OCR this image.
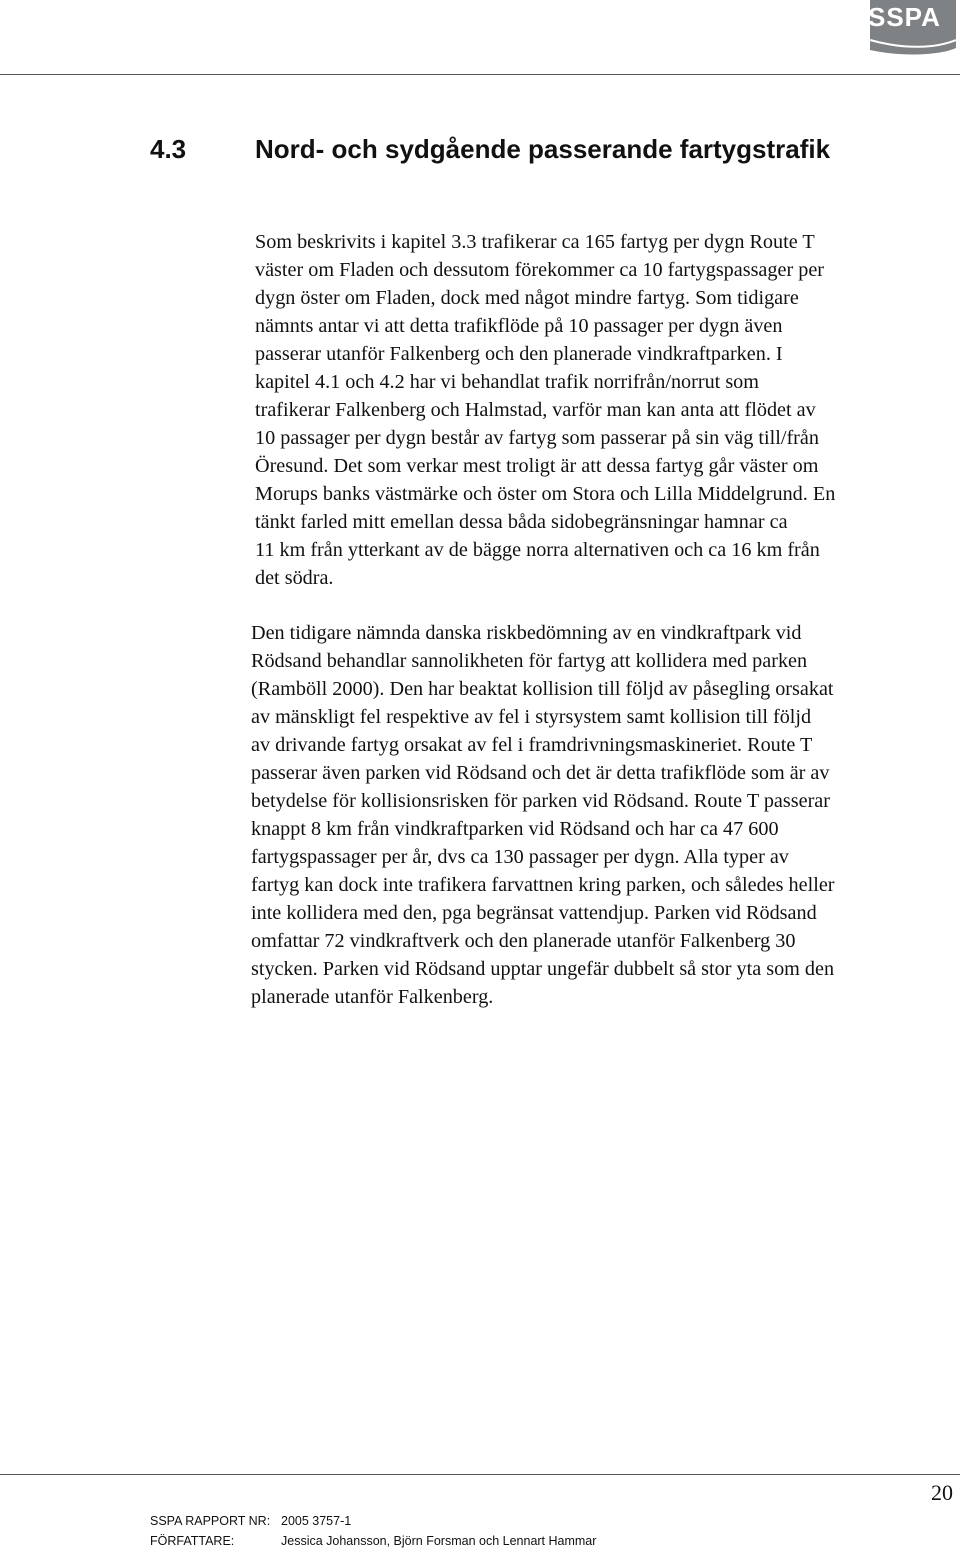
SSPA
4.3	Nord- och sydgående passerande fartygstrafik

Som beskrivits i kapitel 3.3 trafikerar ca 165 fartyg per dygn Route T
väster om Fladen och dessutom förekommer ca 10 fartygspassager per
dygn öster om Fladen, dock med något mindre fartyg. Som tidigare
nämnts antar vi att detta trafikflöde på 10 passager per dygn även
passerar utanför Falkenberg och den planerade vindkraftparken. I
kapitel 4.1 och 4.2 har vi behandlat trafik norrifrån/norrut som
trafikerar Falkenberg och Halmstad, varför man kan anta att flödet av
10 passager per dygn består av fartyg som passerar på sin väg till/från
Öresund. Det som verkar mest troligt är att dessa fartyg går väster om
Morups banks västmärke och öster om Stora och Lilla Middelgrund. En
tänkt farled mitt emellan dessa båda sidobegränsningar hamnar ca
11 km från ytterkant av de bägge norra alternativen och ca 16 km från
det södra.

Den tidigare nämnda danska riskbedömning av en vindkraftpark vid
Rödsand behandlar sannolikheten för fartyg att kollidera med parken
(Ramböll 2000). Den har beaktat kollision till följd av påsegling orsakat
av mänskligt fel respektive av fel i styrsystem samt kollision till följd
av drivande fartyg orsakat av fel i framdrivningsmaskineriet. Route T
passerar även parken vid Rödsand och det är detta trafikflöde som är av
betydelse för kollisionsrisken för parken vid Rödsand. Route T passerar
knappt 8 km från vindkraftparken vid Rödsand och har ca 47 600
fartygspassager per år, dvs ca 130 passager per dygn. Alla typer av
fartyg kan dock inte trafikera farvattnen kring parken, och således heller
inte kollidera med den, pga begränsat vattendjup. Parken vid Rödsand
omfattar 72 vindkraftverk och den planerade utanför Falkenberg 30
stycken. Parken vid Rödsand upptar ungefär dubbelt så stor yta som den
planerade utanför Falkenberg.

20
SSPA RAPPORT NR: 2005 3757-1
FÖRFATTARE:	Jessica Johansson, Björn Forsman och Lennart Hammar
